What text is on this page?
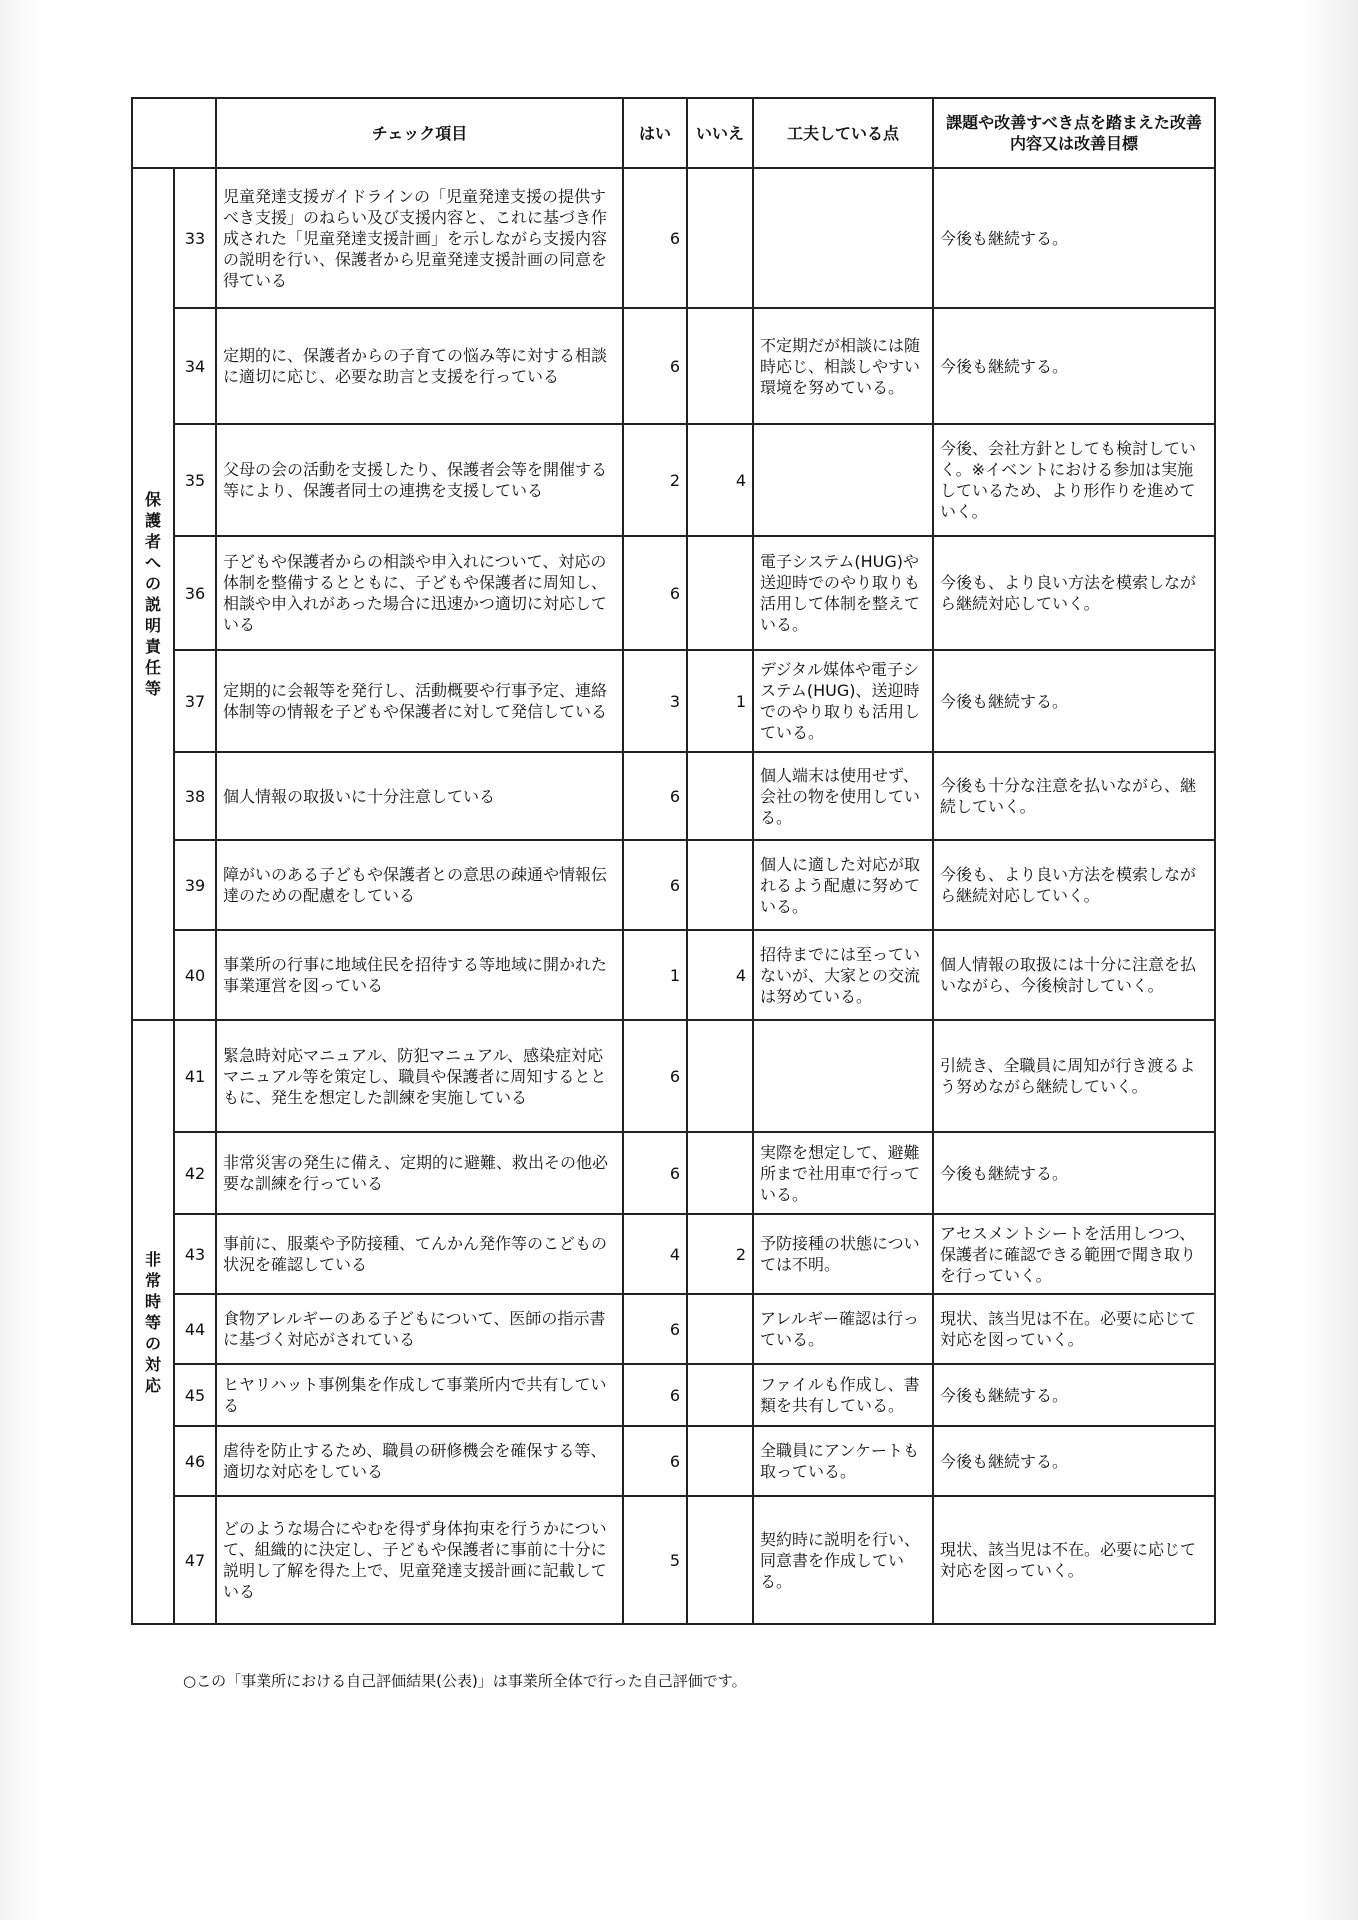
		チェック項目	はい	いいえ	工夫している点	課題や改善すべき点を踏まえた改善内容又は改善目標
保護者への説明責任等	33	児童発達支援ガイドラインの「児童発達支援の提供すべき支援」のねらい及び支援内容と、これに基づき作成された「児童発達支援計画」を示しながら支援内容の説明を行い、保護者から児童発達支援計画の同意を得ている	6			今後も継続する。
	34	定期的に、保護者からの子育ての悩み等に対する相談に適切に応じ、必要な助言と支援を行っている	6		不定期だが相談には随時応じ、相談しやすい環境を努めている。	今後も継続する。
	35	父母の会の活動を支援したり、保護者会等を開催する等により、保護者同士の連携を支援している	2	4		今後、会社方針としても検討していく。※イベントにおける参加は実施しているため、より形作りを進めていく。
	36	子どもや保護者からの相談や申入れについて、対応の体制を整備するとともに、子どもや保護者に周知し、相談や申入れがあった場合に迅速かつ適切に対応している	6		電子システム(HUG)や送迎時でのやり取りも活用して体制を整えている。	今後も、より良い方法を模索しながら継続対応していく。
	37	定期的に会報等を発行し、活動概要や行事予定、連絡体制等の情報を子どもや保護者に対して発信している	3	1	デジタル媒体や電子システム(HUG)、送迎時でのやり取りも活用している。	今後も継続する。
	38	個人情報の取扱いに十分注意している	6		個人端末は使用せず、会社の物を使用している。	今後も十分な注意を払いながら、継続していく。
	39	障がいのある子どもや保護者との意思の疎通や情報伝達のための配慮をしている	6		個人に適した対応が取れるよう配慮に努めている。	今後も、より良い方法を模索しながら継続対応していく。
	40	事業所の行事に地域住民を招待する等地域に開かれた事業運営を図っている	1	4	招待までには至っていないが、大家との交流は努めている。	個人情報の取扱には十分に注意を払いながら、今後検討していく。
非常時等の対応	41	緊急時対応マニュアル、防犯マニュアル、感染症対応マニュアル等を策定し、職員や保護者に周知するとともに、発生を想定した訓練を実施している	6			引続き、全職員に周知が行き渡るよう努めながら継続していく。
	42	非常災害の発生に備え、定期的に避難、救出その他必要な訓練を行っている	6		実際を想定して、避難所まで社用車で行っている。	今後も継続する。
	43	事前に、服薬や予防接種、てんかん発作等のこどもの状況を確認している	4	2	予防接種の状態については不明。	アセスメントシートを活用しつつ、保護者に確認できる範囲で聞き取りを行っていく。
	44	食物アレルギーのある子どもについて、医師の指示書に基づく対応がされている	6		アレルギー確認は行っている。	現状、該当児は不在。必要に応じて対応を図っていく。
	45	ヒヤリハット事例集を作成して事業所内で共有している	6		ファイルも作成し、書類を共有している。	今後も継続する。
	46	虐待を防止するため、職員の研修機会を確保する等、適切な対応をしている	6		全職員にアンケートも取っている。	今後も継続する。
	47	どのような場合にやむを得ず身体拘束を行うかについて、組織的に決定し、子どもや保護者に事前に十分に説明し了解を得た上で、児童発達支援計画に記載している	5		契約時に説明を行い、同意書を作成している。	現状、該当児は不在。必要に応じて対応を図っていく。
○この「事業所における自己評価結果(公表)」は事業所全体で行った自己評価です。
